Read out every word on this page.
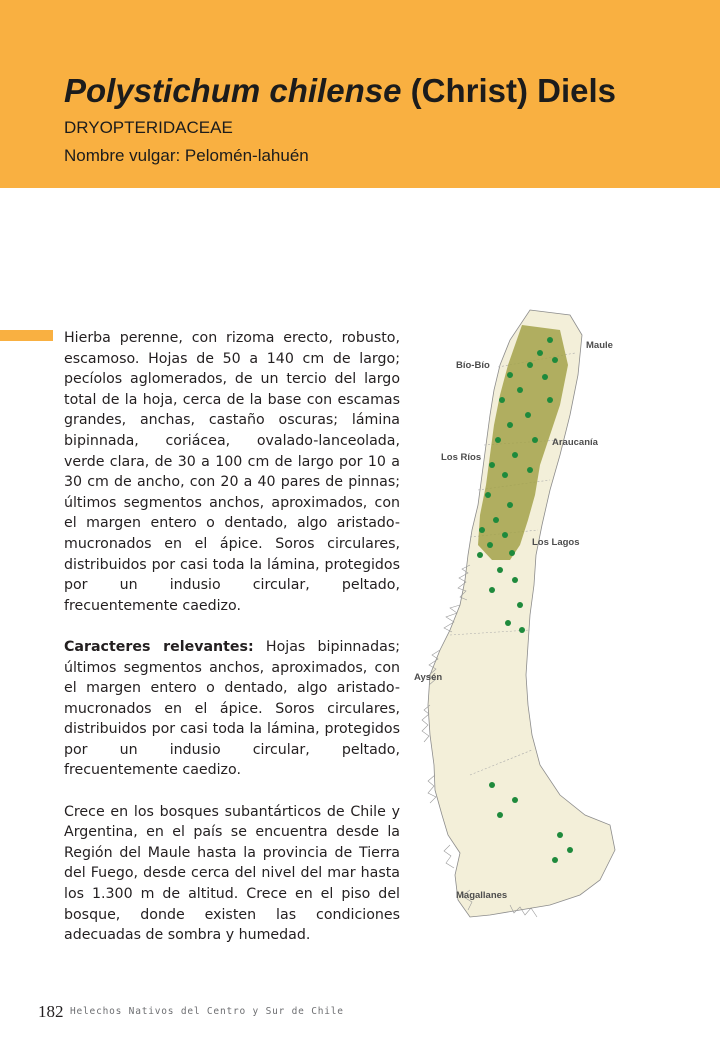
Polystichum chilense (Christ) Diels
DRYOPTERIDACEAE
Nombre vulgar: Pelomén-lahuén

Hierba perenne, con rizoma erecto, robusto, escamoso. Hojas de 50 a 140 cm de largo; pecíolos aglomerados, de un tercio del largo total de la hoja, cerca de la base con escamas grandes, anchas, castaño oscuras; lámina bipinnada, coriácea, ovalado-lanceolada, verde clara, de 30 a 100 cm de largo por 10 a 30 cm de ancho, con 20 a 40 pares de pinnas; últimos segmentos anchos, aproximados, con el margen entero o dentado, algo aristado-mucronados en el ápice. Soros circulares, distribuidos por casi toda la lámina, protegidos por un indusio circular, peltado, frecuentemente caedizo.

Caracteres relevantes: Hojas bipinnadas; últimos segmentos anchos, aproximados, con el margen entero o dentado, algo aristado-mucronados en el ápice. Soros circulares, distribuidos por casi toda la lámina, protegidos por un indusio circular, peltado, frecuentemente caedizo.

Crece en los bosques subantárticos de Chile y Argentina, en el país se encuentra desde la Región del Maule hasta la provincia de Tierra del Fuego, desde cerca del nivel del mar hasta los 1.300 m de altitud. Crece en el piso del bosque, donde existen las condiciones adecuadas de sombra y humedad.

Maule
Bío-Bío
Araucanía
Los Ríos
Los Lagos
Aysén
Magallanes
182 Helechos Nativos del Centro y Sur de Chile
